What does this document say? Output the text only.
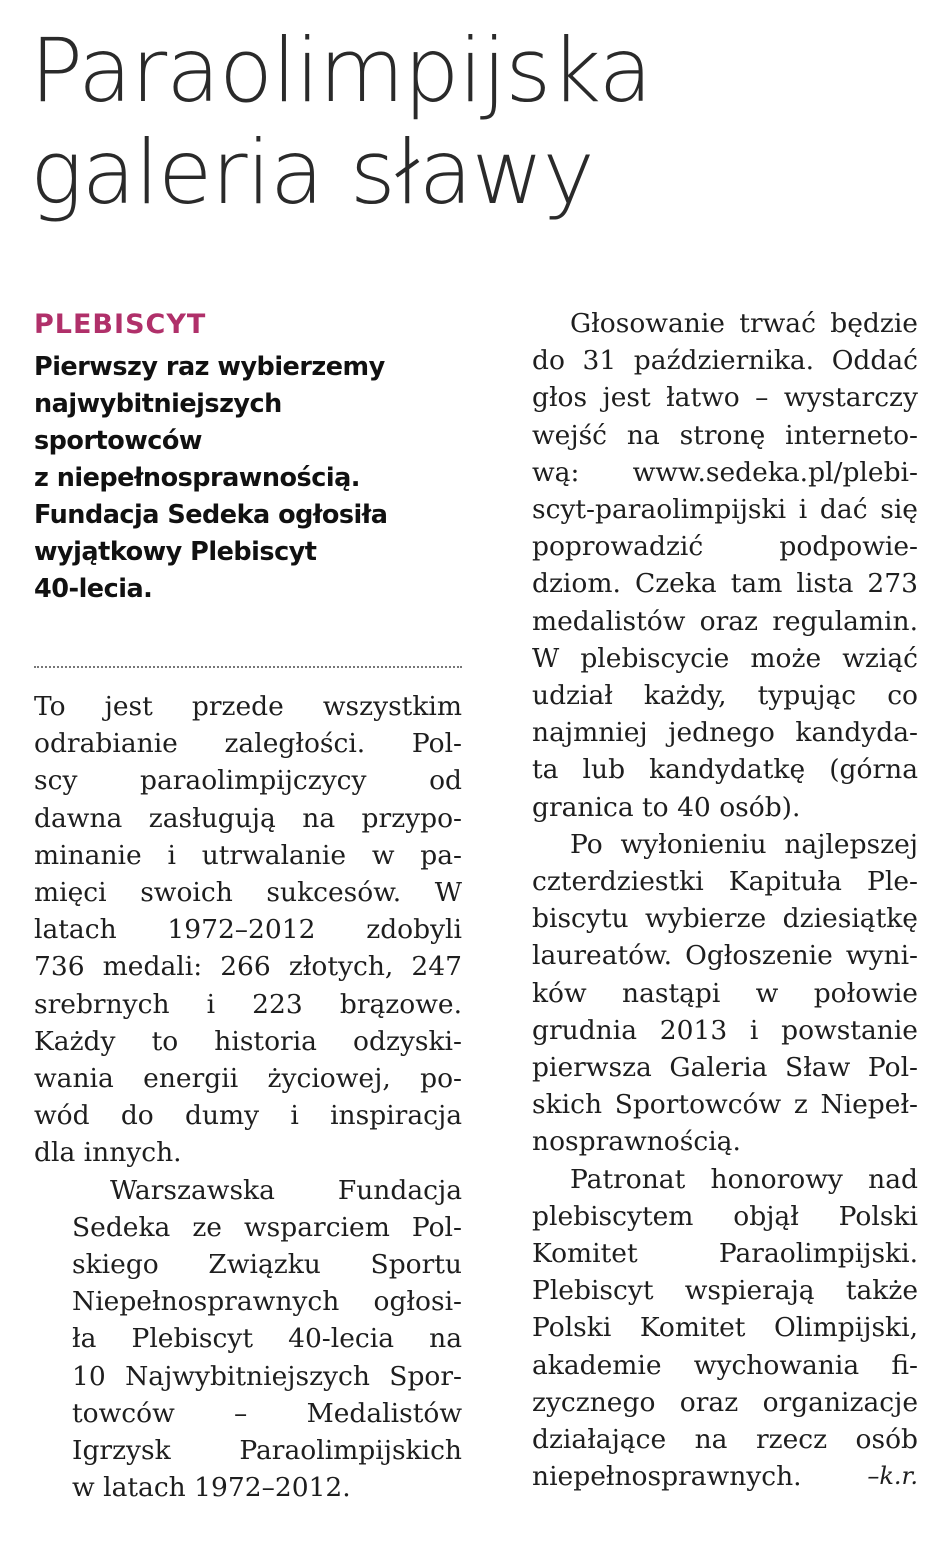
Paraolimpijska
galeria sławy
PLEBISCYT
Pierwszy raz wybierzemy
najwybitniejszych
sportowców
z niepełnosprawnością.
Fundacja Sedeka ogłosiła
wyjątkowy Plebiscyt
40-lecia.
To jest przede wszystkim
odrabianie zaległości. Pol-
scy paraolimpijczycy od
dawna zasługują na przypo-
minanie i utrwalanie w pa-
mięci swoich sukcesów. W
latach 1972–2012 zdobyli
736 medali: 266 złotych, 247
srebrnych i 223 brązowe.
Każdy to historia odzyski-
wania energii życiowej, po-
wód do dumy i inspiracja
dla innych.
Warszawska Fundacja
Sedeka ze wsparciem Pol-
skiego Związku Sportu
Niepełnosprawnych ogłosi-
ła Plebiscyt 40-lecia na
10 Najwybitniejszych Spor-
towców – Medalistów
Igrzysk Paraolimpijskich
w latach 1972–2012.
Głosowanie trwać będzie
do 31 października. Oddać
głos jest łatwo – wystarczy
wejść na stronę interneto-
wą: www.sedeka.pl/plebi-
scyt-paraolimpijski i dać się
poprowadzić podpowie-
dziom. Czeka tam lista 273
medalistów oraz regulamin.
W plebiscycie może wziąć
udział każdy, typując co
najmniej jednego kandyda-
ta lub kandydatkę (górna
granica to 40 osób).
Po wyłonieniu najlepszej
czterdziestki Kapituła Ple-
biscytu wybierze dziesiątkę
laureatów. Ogłoszenie wyni-
ków nastąpi w połowie
grudnia 2013 i powstanie
pierwsza Galeria Sław Pol-
skich Sportowców z Niepeł-
nosprawnością.
Patronat honorowy nad
plebiscytem objął Polski
Komitet Paraolimpijski.
Plebiscyt wspierają także
Polski Komitet Olimpijski,
akademie wychowania fi-
zycznego oraz organizacje
działające na rzecz osób
–k.r.
niepełnosprawnych.
